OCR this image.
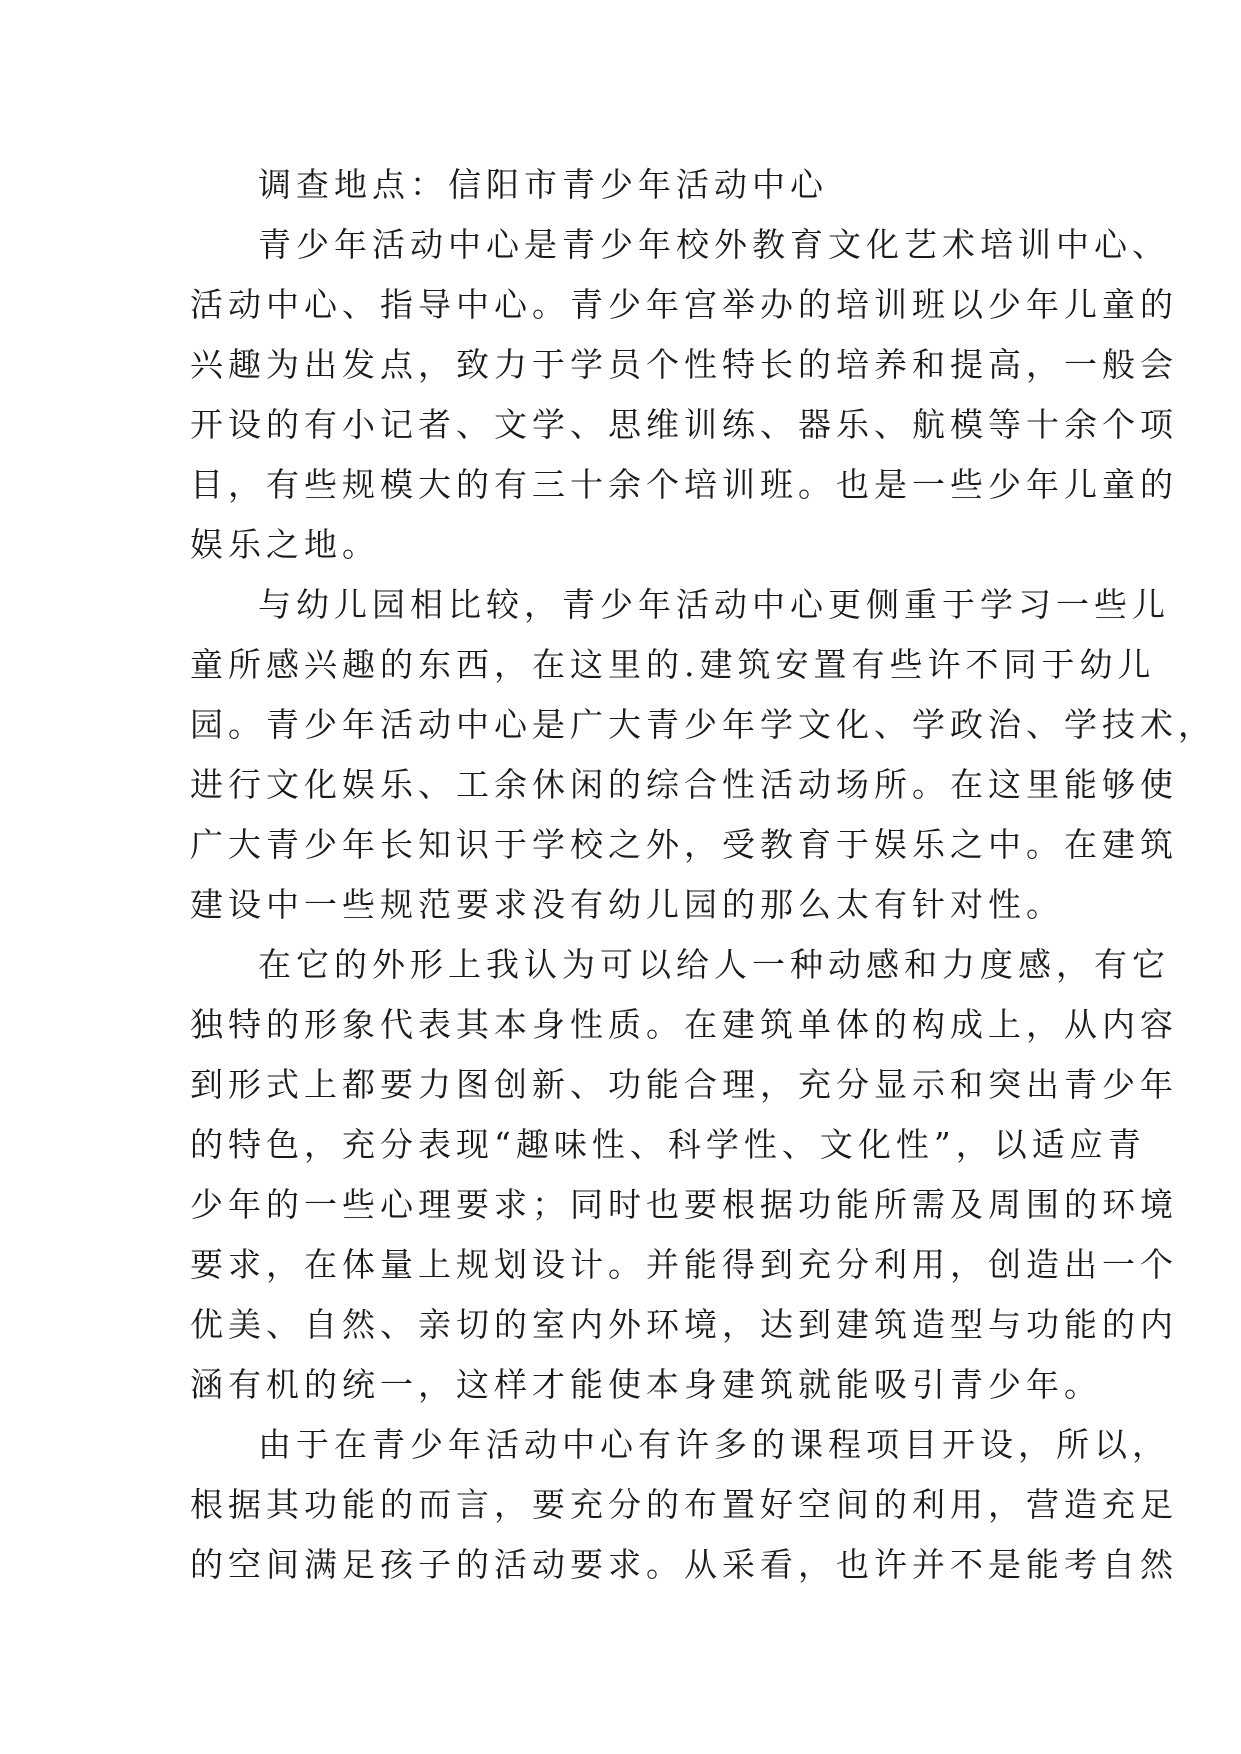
调查地点：信阳市青少年活动中心
青少年活动中心是青少年校外教育文化艺术培训中心、
活动中心、指导中心。青少年宫举办的培训班以少年儿童的
兴趣为出发点，致力于学员个性特长的培养和提高，一般会
开设的有小记者、文学、思维训练、器乐、航模等十余个项
目，有些规模大的有三十余个培训班。也是一些少年儿童的
娱乐之地。
与幼儿园相比较，青少年活动中心更侧重于学习一些儿
童所感兴趣的东西，在这里的.建筑安置有些许不同于幼儿
园。青少年活动中心是广大青少年学文化、学政治、学技术，
进行文化娱乐、工余休闲的综合性活动场所。在这里能够使
广大青少年长知识于学校之外，受教育于娱乐之中。在建筑
建设中一些规范要求没有幼儿园的那么太有针对性。
在它的外形上我认为可以给人一种动感和力度感，有它
独特的形象代表其本身性质。在建筑单体的构成上，从内容
到形式上都要力图创新、功能合理，充分显示和突出青少年
的特色，充分表现“趣味性、科学性、文化性”，以适应青
少年的一些心理要求；同时也要根据功能所需及周围的环境
要求，在体量上规划设计。并能得到充分利用，创造出一个
优美、自然、亲切的室内外环境，达到建筑造型与功能的内
涵有机的统一，这样才能使本身建筑就能吸引青少年。
由于在青少年活动中心有许多的课程项目开设，所以，
根据其功能的而言，要充分的布置好空间的利用，营造充足
的空间满足孩子的活动要求。从采看，也许并不是能考自然
